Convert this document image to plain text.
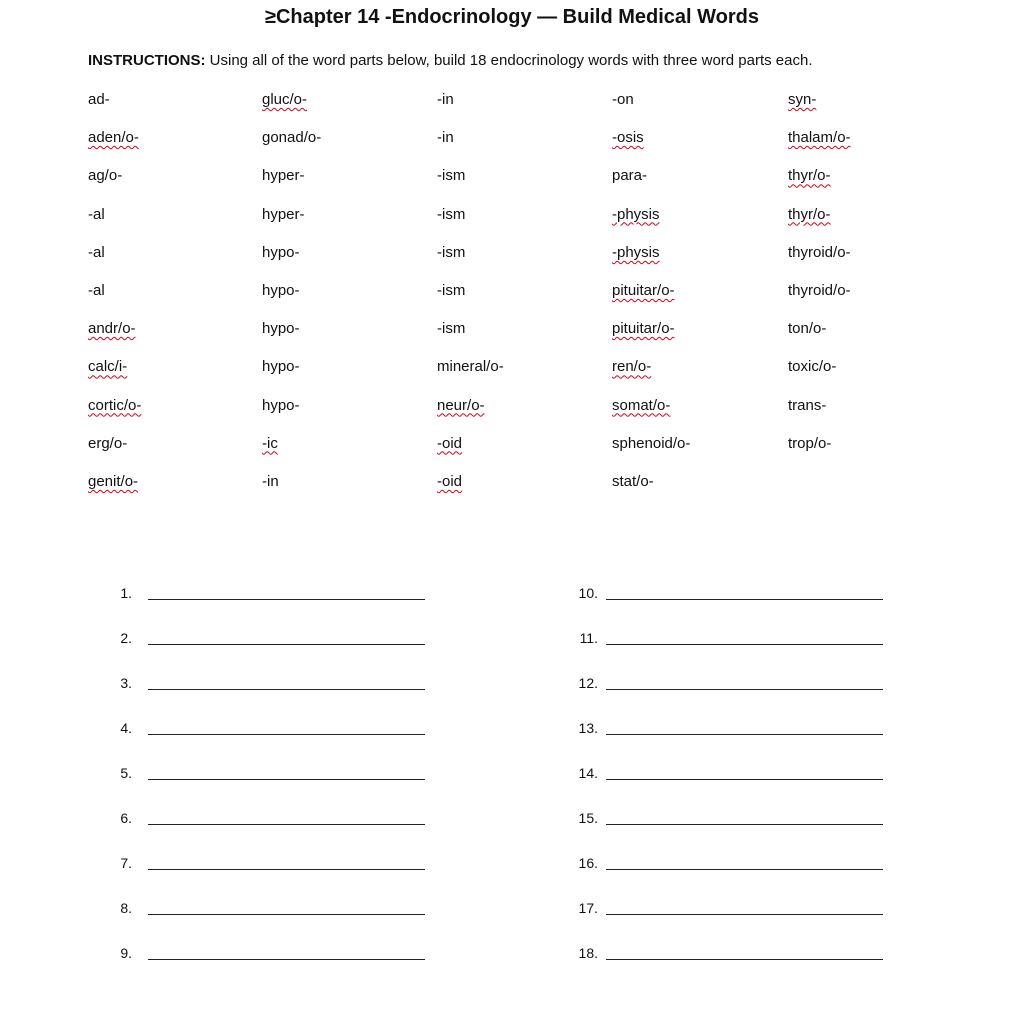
≥Chapter 14 -Endocrinology — Build Medical Words
INSTRUCTIONS: Using all of the word parts below, build 18 endocrinology words with three word parts each.
ad-
aden/o-
ag/o-
-al
-al
-al
andr/o-
calc/i-
cortic/o-
erg/o-
genit/o-
gluc/o-
gonad/o-
hyper-
hyper-
hypo-
hypo-
hypo-
hypo-
hypo-
-ic
-in
-in
-in
-ism
-ism
-ism
-ism
-ism
mineral/o-
neur/o-
-oid
-oid
-on
-osis
para-
-physis
-physis
pituitar/o-
pituitar/o-
ren/o-
somat/o-
sphenoid/o-
stat/o-
syn-
thalam/o-
thyr/o-
thyr/o-
thyroid/o-
thyroid/o-
ton/o-
toxic/o-
trans-
trop/o-
1.
2.
3.
4.
5.
6.
7.
8.
9.
10.
11.
12.
13.
14.
15.
16.
17.
18.
